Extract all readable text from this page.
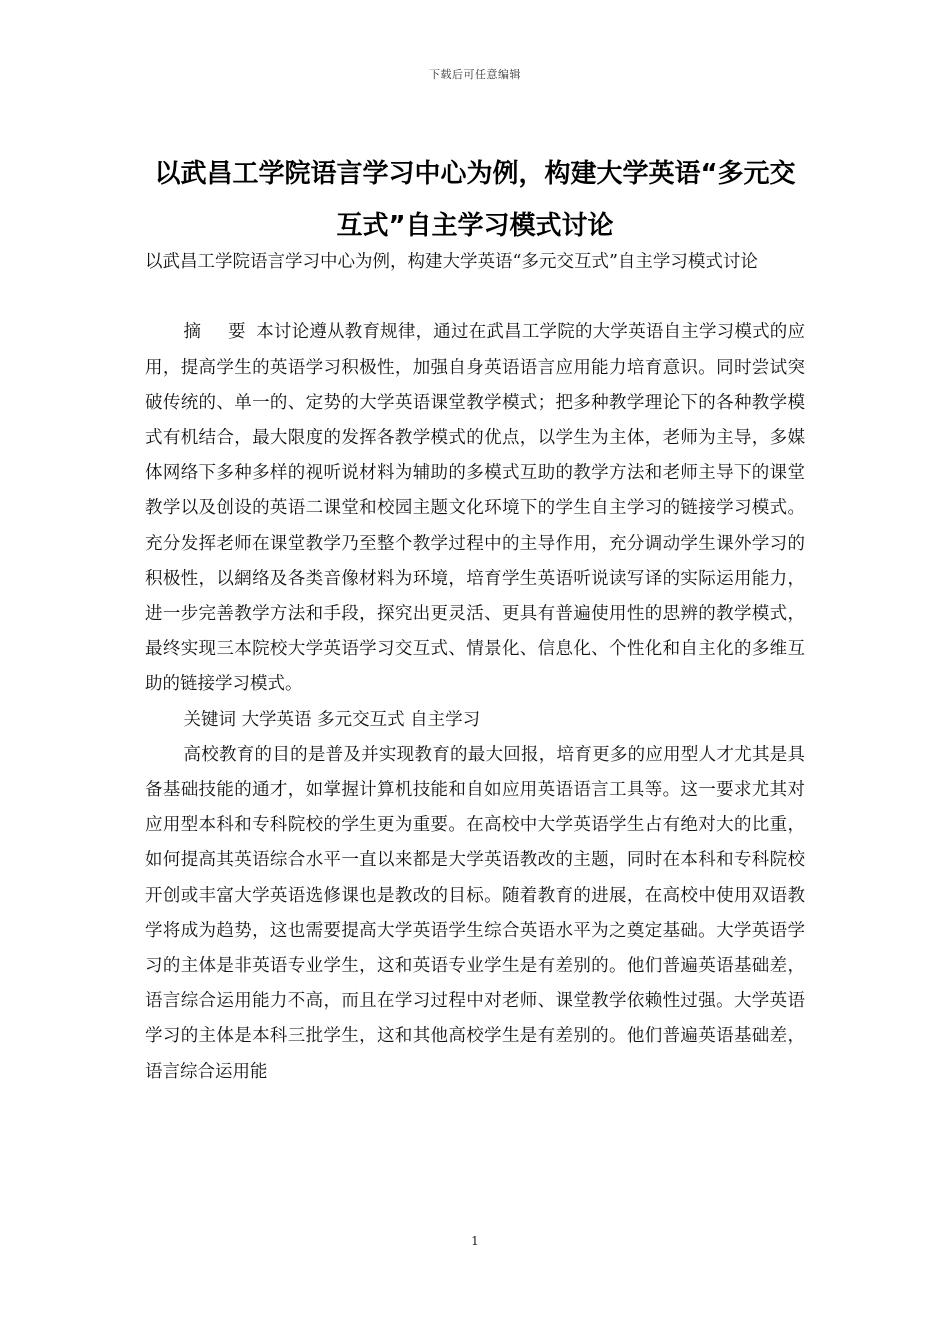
下载后可任意编辑
以武昌工学院语言学习中心为例，构建大学英语“多元交互式”自主学习模式讨论

以武昌工学院语言学习中心为例，构建大学英语“多元交互式”自主学习模式讨论

摘 要本讨论遵从教育规律，通过在武昌工学院的大学英语自主学习模式的应用，提高学生的英语学习积极性，加强自身英语语言应用能力培育意识。同时尝试突破传统的、单一的、定势的大学英语课堂教学模式；把多种教学理论下的各种教学模式有机结合，最大限度的发挥各教学模式的优点，以学生为主体，老师为主导，多媒体网络下多种多样的视听说材料为辅助的多模式互助的教学方法和老师主导下的课堂教学以及创设的英语二课堂和校园主题文化环境下的学生自主学习的链接学习模式。充分发挥老师在课堂教学乃至整个教学过程中的主导作用，充分调动学生课外学习的积极性，以網络及各类音像材料为环境，培育学生英语听说读写译的实际运用能力，进一步完善教学方法和手段，探究出更灵活、更具有普遍使用性的思辨的教学模式，最终实现三本院校大学英语学习交互式、情景化、信息化、个性化和自主化的多维互助的链接学习模式。

关键词 大学英语 多元交互式 自主学习

高校教育的目的是普及并实现教育的最大回报，培育更多的应用型人才尤其是具备基础技能的通才，如掌握计算机技能和自如应用英语语言工具等。这一要求尤其对应用型本科和专科院校的学生更为重要。在高校中大学英语学生占有绝对大的比重，如何提高其英语综合水平一直以来都是大学英语教改的主题，同时在本科和专科院校开创或丰富大学英语选修课也是教改的目标。随着教育的进展，在高校中使用双语教学将成为趋势，这也需要提高大学英语学生综合英语水平为之奠定基础。大学英语学习的主体是非英语专业学生，这和英语专业学生是有差别的。他们普遍英语基础差，语言综合运用能力不高，而且在学习过程中对老师、课堂教学依赖性过强。大学英语学习的主体是本科三批学生，这和其他高校学生是有差别的。他们普遍英语基础差，语言综合运用能

1
